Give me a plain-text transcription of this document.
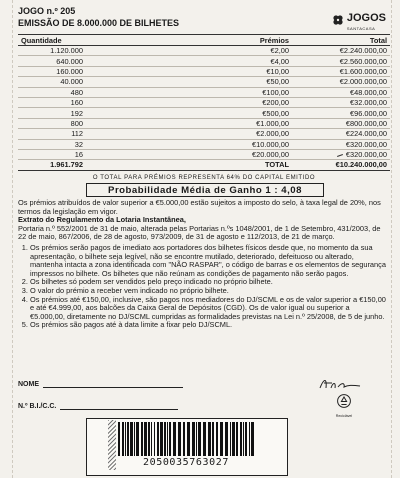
JOGO n.º 205
EMISSÃO DE 8.000.000 DE BILHETES	JOGOS
SANTACASA
Quantidade	Prémios	Total
1.120.000	€2,00	€2.240.000,00
640.000	€4,00	€2.560.000,00
160.000	€10,00	€1.600.000,00
40.000	€50,00	€2.000.000,00
480	€100,00	€48.000,00
160	€200,00	€32.000,00
192	€500,00	€96.000,00
800	€1.000,00	€800.000,00
112	€2.000,00	€224.000,00
32	€10.000,00	€320.000,00
16	€20.000,00	€320.000,00
1.961.792	TOTAL	€10.240.000,00
O TOTAL PARA PRÉMIOS REPRESENTA 64% DO CAPITAL EMITIDO
Probabilidade Média de Ganho 1 : 4,08

Os prémios atribuídos de valor superior a €5.000,00 estão sujeitos a imposto do selo, à taxa legal de 20%, nos termos da legislação em vigor.

Extrato do Regulamento da Lotaria Instantânea,

Portaria n.º 552/2001 de 31 de maio, alterada pelas Portarias n.ºs 1048/2001, de 1 de Setembro, 431/2003, de 22 de maio, 867/2006, de 28 de agosto, 973/2009, de 31 de agosto e 112/2013, de 21 de março.

1. Os prémios serão pagos de imediato aos portadores dos bilhetes físicos desde que, no momento da sua apresentação, o bilhete seja legível, não se encontre mutilado, deteriorado, defeituoso ou alterado, mantenha intacta a zona identificada com "NÃO RASPAR", o código de barras e os elementos de segurança impressos no bilhete. Os bilhetes que não reúnam as condições de pagamento não serão pagos.
2. Os bilhetes só podem ser vendidos pelo preço indicado no próprio bilhete.
3. O valor do prémio a receber vem indicado no próprio bilhete.
4. Os prémios até €150,00, inclusive, são pagos nos mediadores do DJ/SCML e os de valor superior a €150,00 e até €4.999,00, aos balcões da Caixa Geral de Depósitos (CGD). Os de valor igual ou superior a €5.000,00, diretamente no DJ/SCML cumpridas as formalidades previstas na Lei n.º 25/2008, de 5 de junho.
5. Os prémios são pagos até à data limite a fixar pelo DJ/SCML.
NOME
N.º B.I./C.C.
Reciclável
2050035763027
